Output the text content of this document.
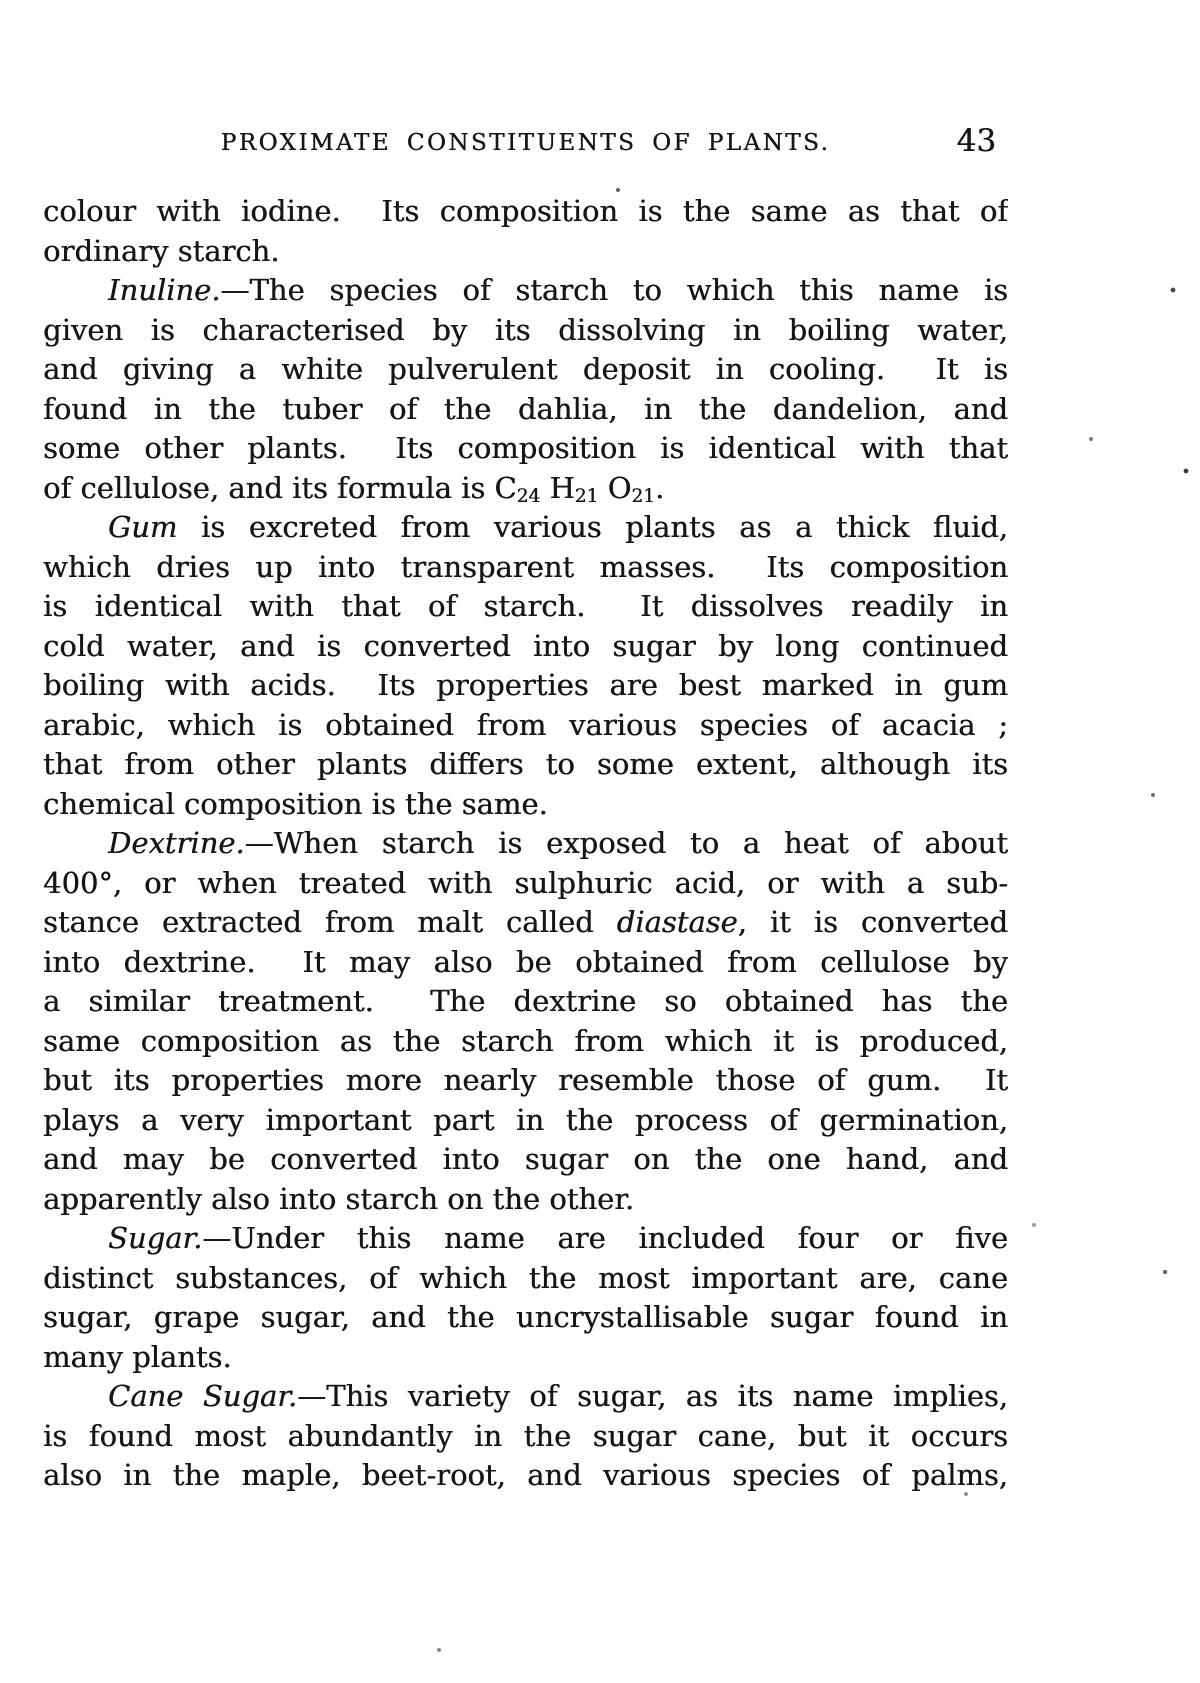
PROXIMATE CONSTITUENTS OF PLANTS.	43
colour with iodine.  Its composition is the same as that of
ordinary starch.
Inuline.—The species of starch to which this name is
given is characterised by its dissolving in boiling water,
and giving a white pulverulent deposit in cooling.  It is
found in the tuber of the dahlia, in the dandelion, and
some other plants.  Its composition is identical with that
of cellulose, and its formula is $C_{24}$ $H_{21}$ $O_{21}$.
Gum is excreted from various plants as a thick fluid,
which dries up into transparent masses.  Its composition
is identical with that of starch.  It dissolves readily in
cold water, and is converted into sugar by long continued
boiling with acids.  Its properties are best marked in gum
arabic, which is obtained from various species of acacia ;
that from other plants differs to some extent, although its
chemical composition is the same.
Dextrine.—When starch is exposed to a heat of about
400°, or when treated with sulphuric acid, or with a sub-
stance extracted from malt called diastase, it is converted
into dextrine.  It may also be obtained from cellulose by
a similar treatment.  The dextrine so obtained has the
same composition as the starch from which it is produced,
but its properties more nearly resemble those of gum.  It
plays a very important part in the process of germination,
and may be converted into sugar on the one hand, and
apparently also into starch on the other.
Sugar.—Under this name are included four or five
distinct substances, of which the most important are, cane
sugar, grape sugar, and the uncrystallisable sugar found in
many plants.
Cane Sugar.—This variety of sugar, as its name implies,
is found most abundantly in the sugar cane, but it occurs
also in the maple, beet-root, and various species of palms,
